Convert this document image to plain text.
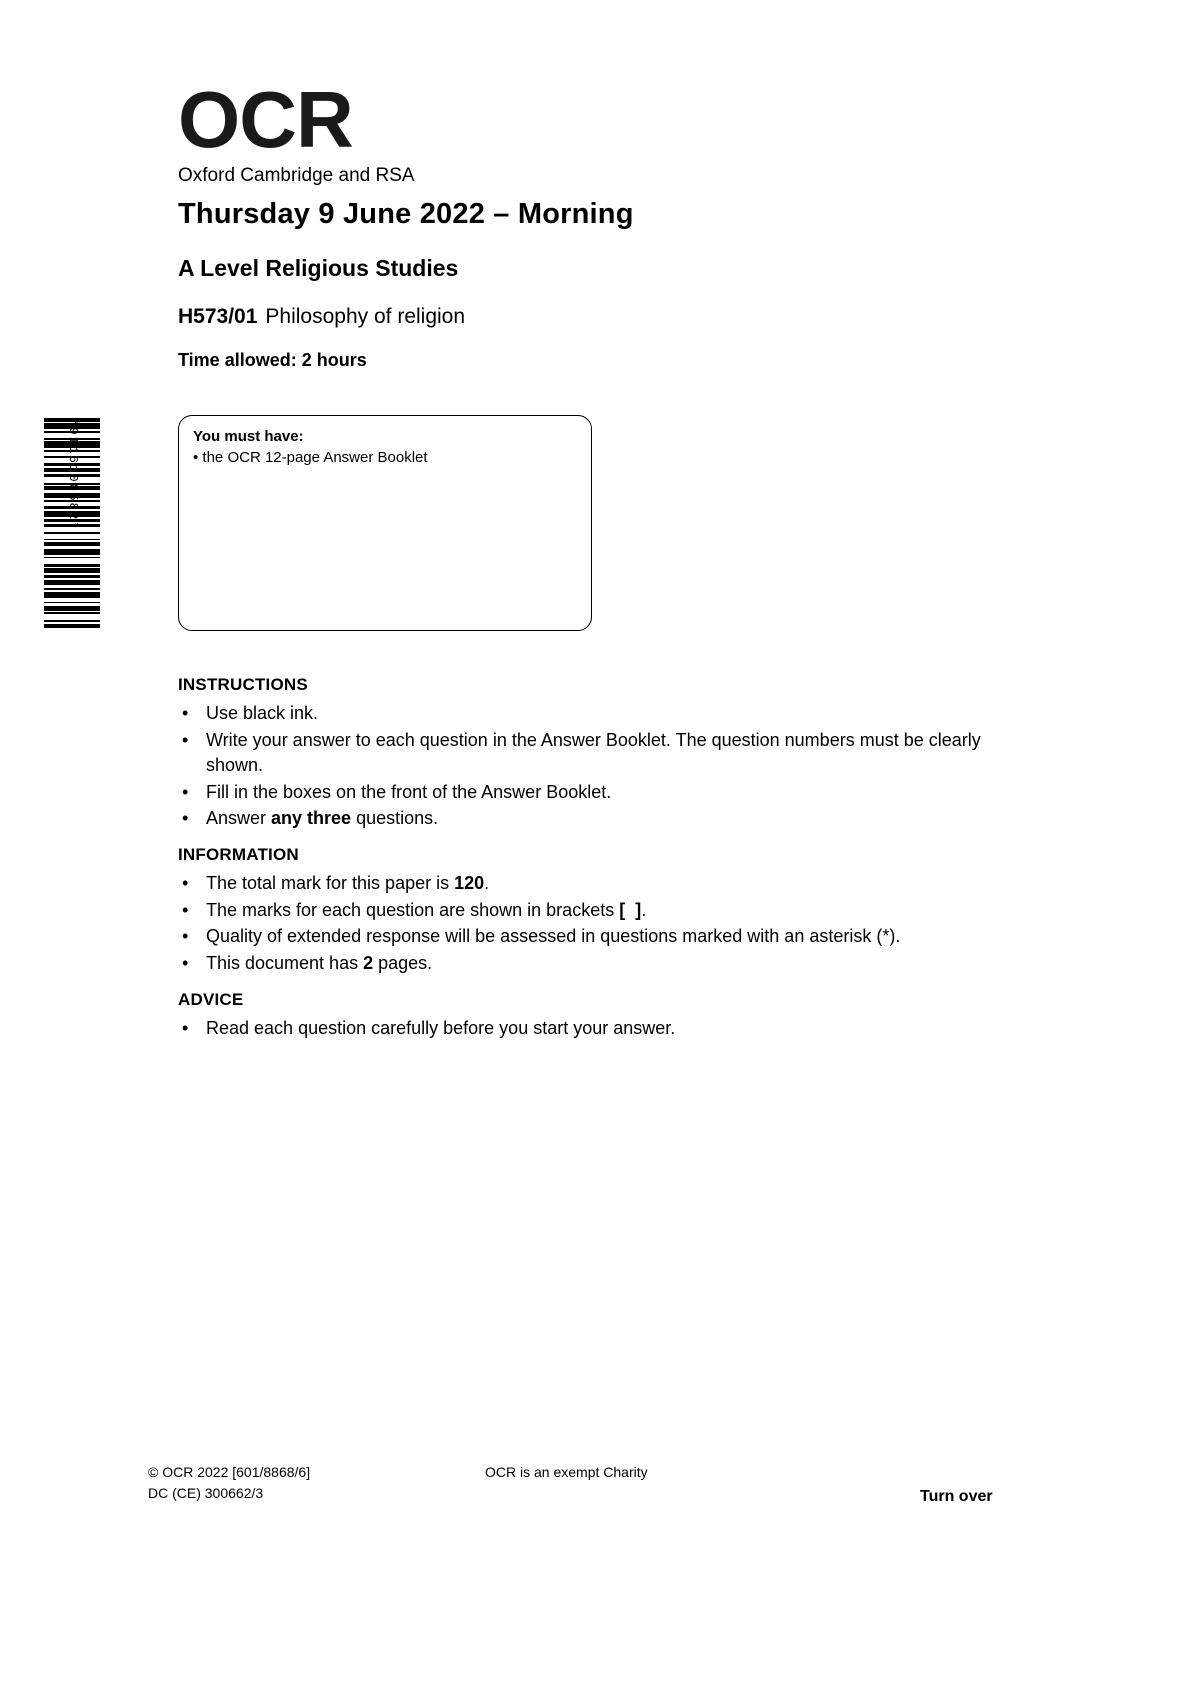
*9116108582*
OCR
Oxford Cambridge and RSA
Thursday 9 June 2022 – Morning
A Level Religious Studies
H573/01 Philosophy of religion
Time allowed: 2 hours
You must have:
• the OCR 12-page Answer Booklet
INSTRUCTIONS
• Use black ink.
• Write your answer to each question in the Answer Booklet. The question numbers must be clearly shown.
• Fill in the boxes on the front of the Answer Booklet.
• Answer any three questions.
INFORMATION
• The total mark for this paper is 120.
• The marks for each question are shown in brackets [  ].
• Quality of extended response will be assessed in questions marked with an asterisk (*).
• This document has 2 pages.
ADVICE
• Read each question carefully before you start your answer.
© OCR 2022 [601/8868/6]
DC (CE) 300662/3
OCR is an exempt Charity
Turn over
